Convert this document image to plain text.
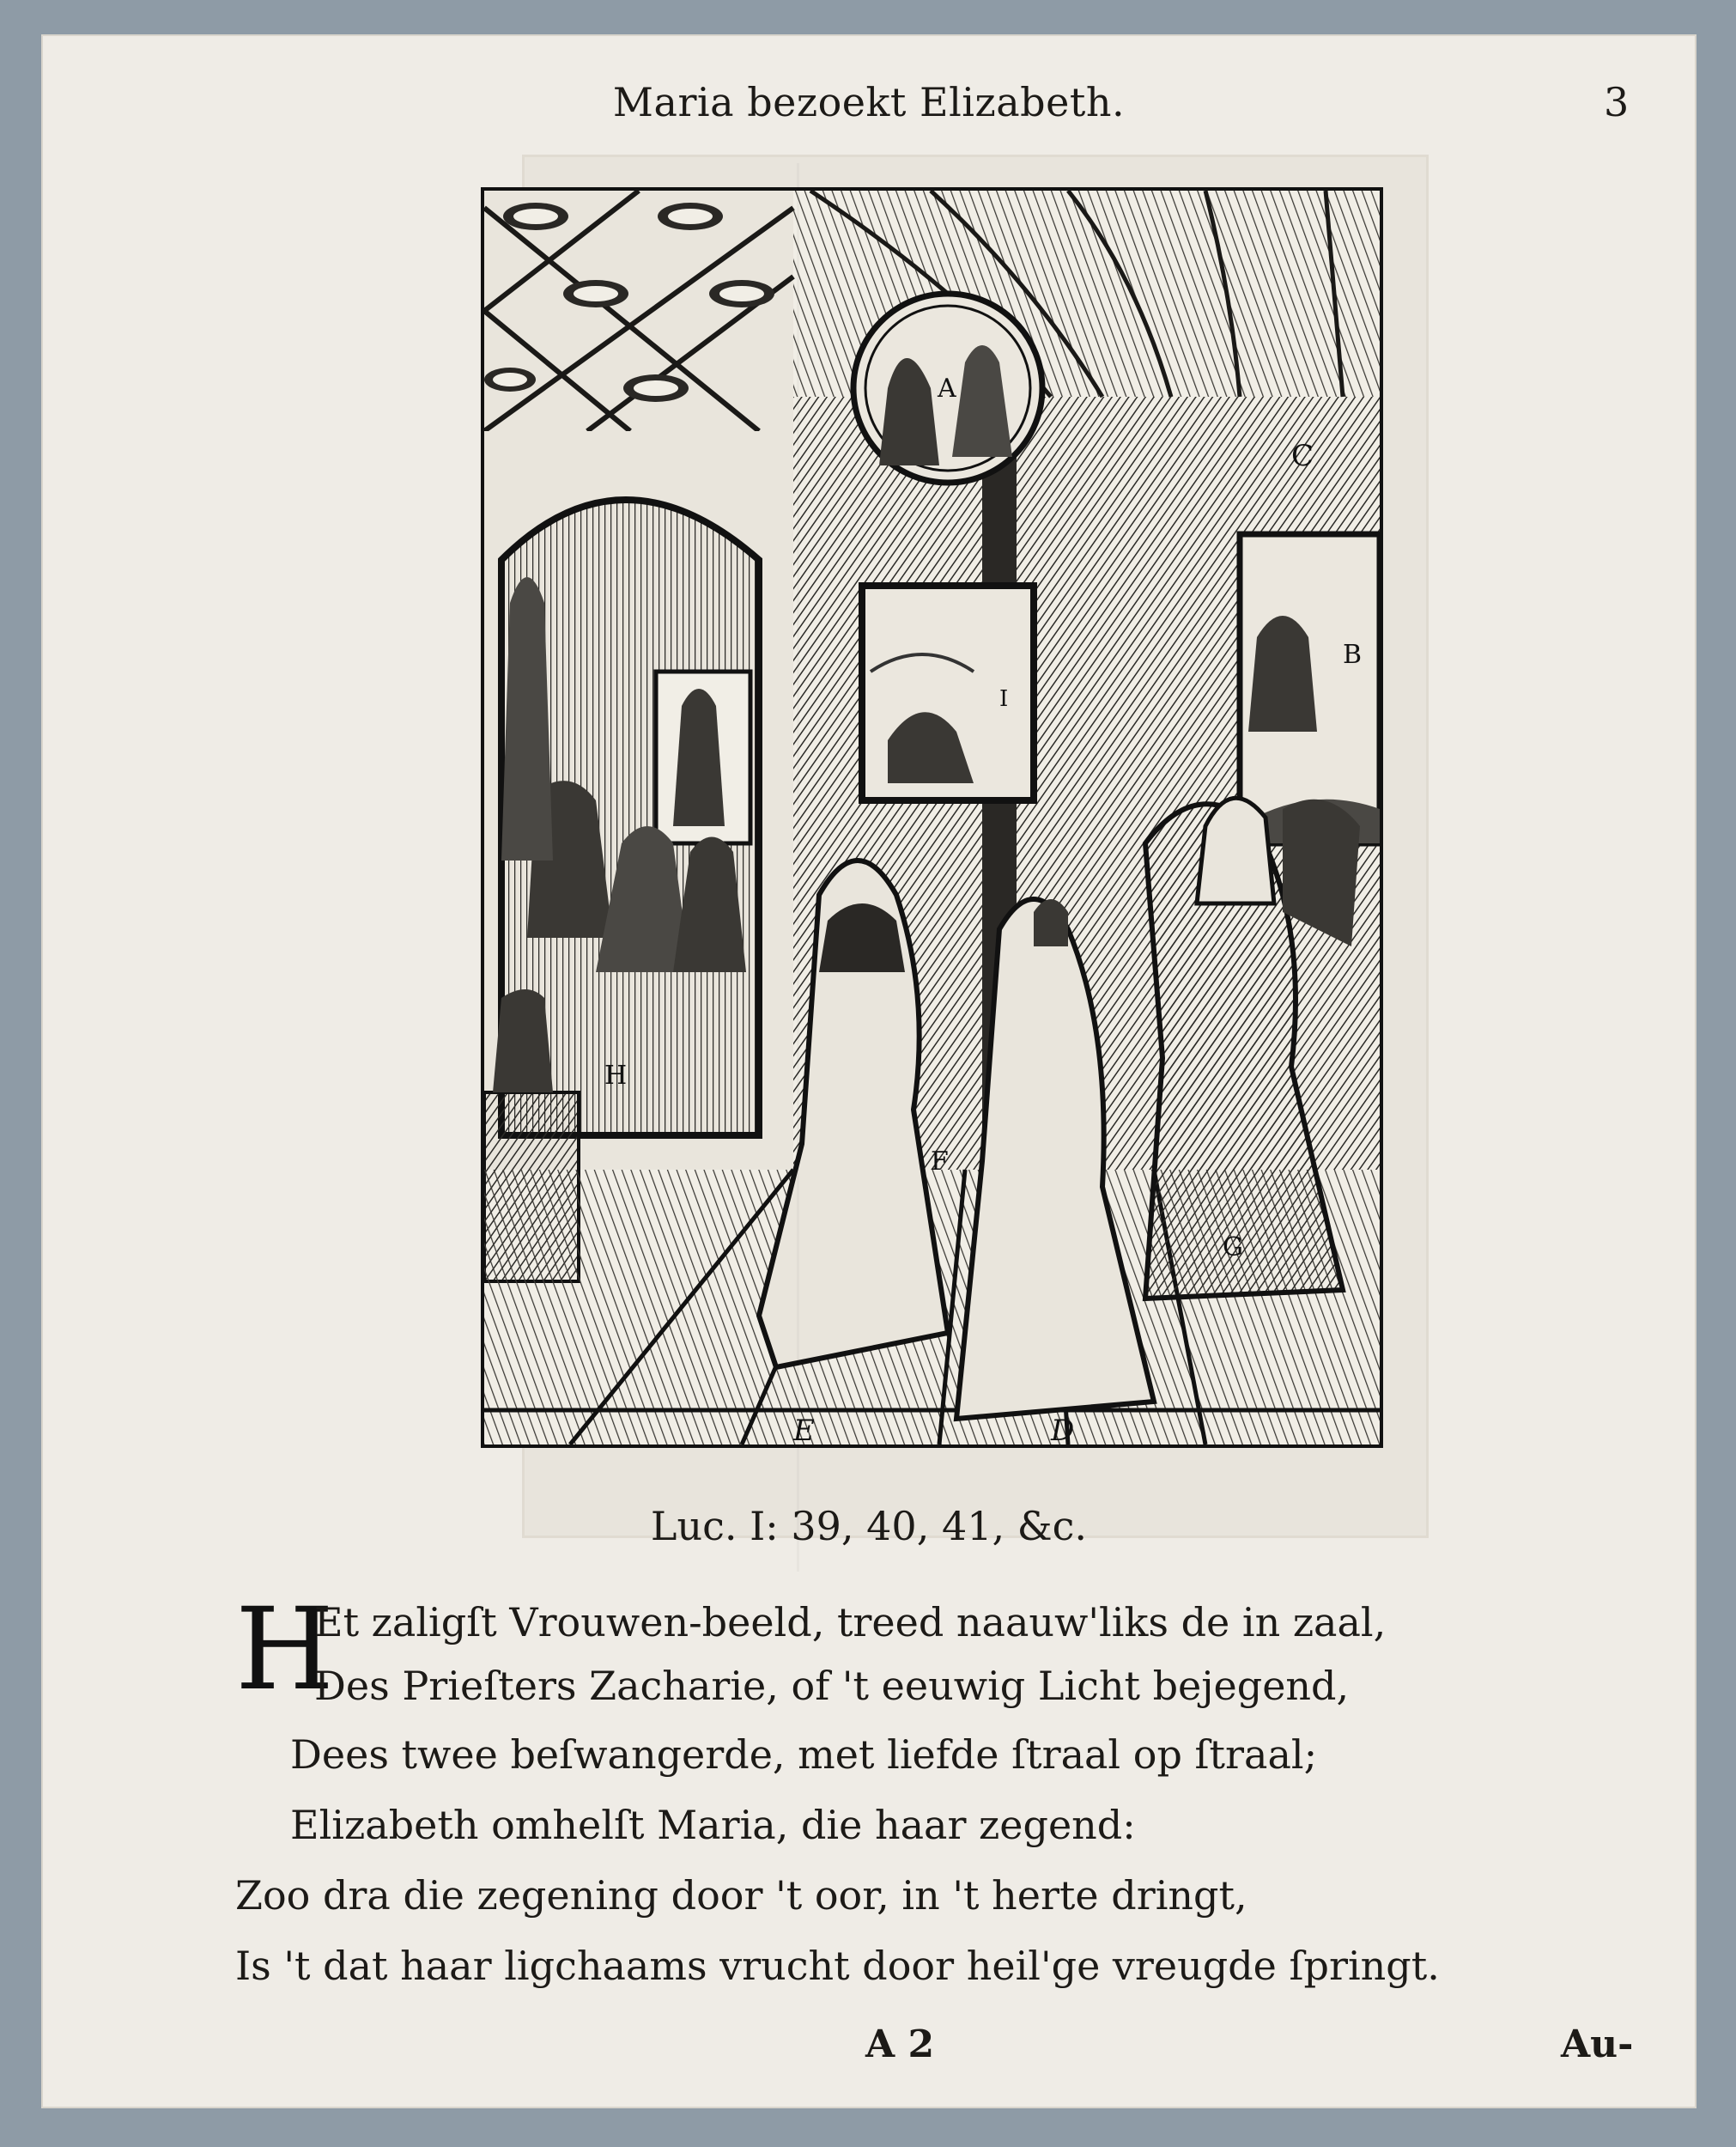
Maria bezoekt Elizabeth.	3
A
I
B
C
H
F
G
E	D
Luc. I: 39, 40, 41, &c.
H
Et zaligſt Vrouwen-beeld, treed naauw'liks de in zaal,
Des Prieſters Zacharie, of 't eeuwig Licht bejegend,
Dees twee beſwangerde, met liefde ſtraal op ſtraal;
Elizabeth omhelſt Maria, die haar zegend:
Zoo dra die zegening door 't oor, in 't herte dringt,
Is 't dat haar ligchaams vrucht door heil'ge vreugde ſpringt.
A 2	Au-
